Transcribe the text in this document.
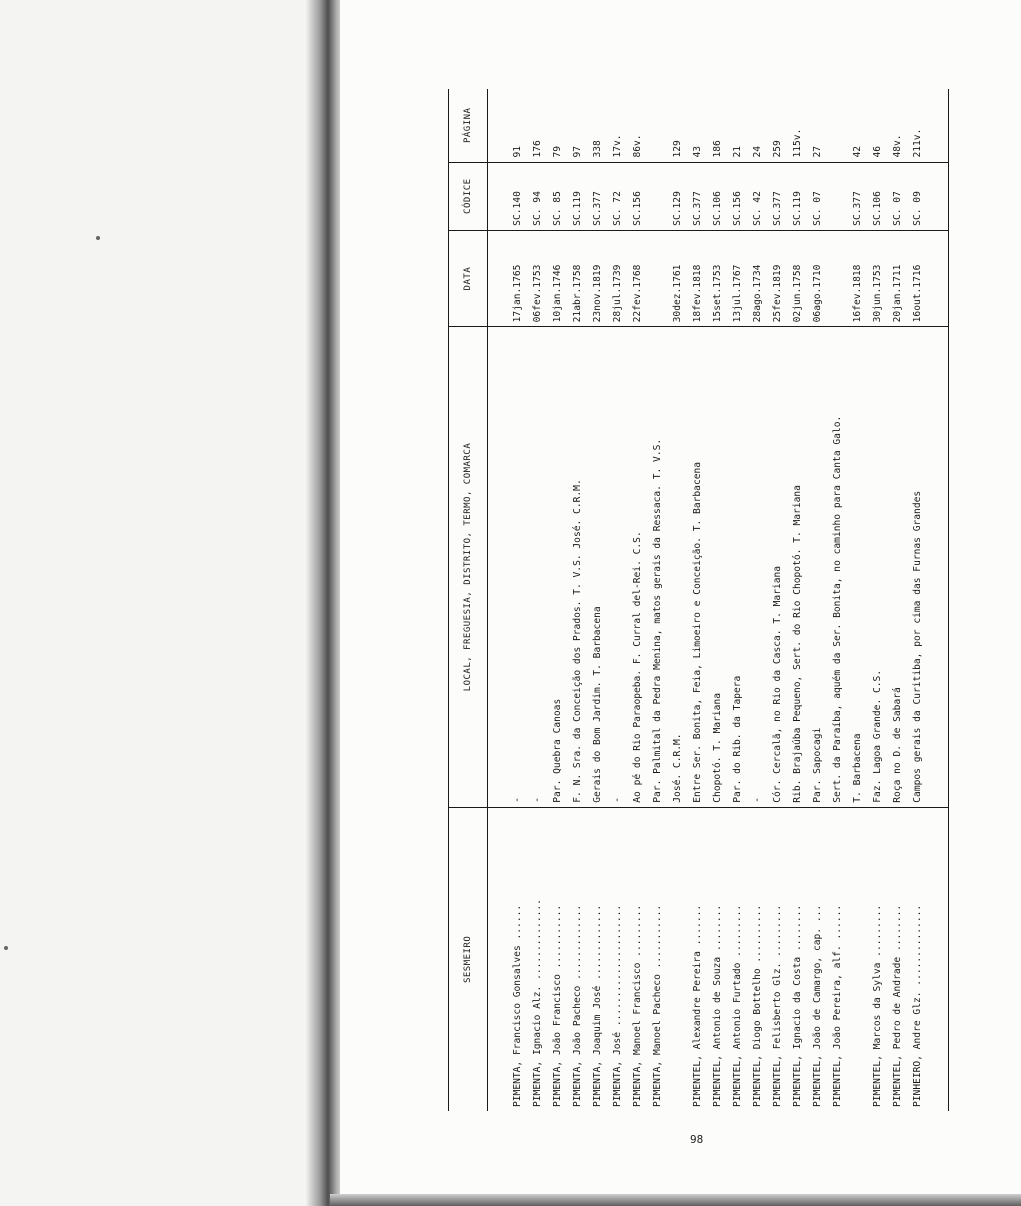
SESMEIRO	LOCAL, FREGUESIA, DISTRITO, TERMO, COMARCA	DATA	CÓDICE	PÁGINA

PIMENTA, Francisco Gonsalves ......	-	17jan.1765	SC.140	91
PIMENTA, Ignacio Alz. ..............	-	06fev.1753	SC. 94	176
PIMENTA, João Francisco ...........	Par. Quebra Canoas	10jan.1746	SC. 85	79
PIMENTA, João Pacheco .............	F. N. Sra. da Conceição dos Prados. T. V.S. José. C.R.M.	21abr.1758	SC.119	97
PIMENTA, Joaquim José .............	Gerais do Bom Jardim. T. Barbacena	23nov.1819	SC.377	338
PIMENTA, José .....................	-	28jul.1739	SC. 72	17v.
PIMENTA, Manoel Francisco .........	Ao pé do Rio Paraopeba. F. Curral del-Rei. C.S.	22fev.1768	SC.156	86v.
PIMENTA, Manoel Pacheco ...........	Par. Palmital da Pedra Menina, matos gerais da Ressaca. T. V.S.			
	José. C.R.M.	30dez.1761	SC.129	129
PIMENTEL, Alexandre Pereira .......	Entre Ser. Bonita, Feia, Limoeiro e Conceição. T. Barbacena	18fev.1818	SC.377	43
PIMENTEL, Antonio de Souza ........	Chopotó. T. Mariana	15set.1753	SC.106	186
PIMENTEL, Antonio Furtado .........	Par. do Rib. da Tapera	13jul.1767	SC.156	21
PIMENTEL, Diogo Bottelho ..........	-	28ago.1734	SC. 42	24
PIMENTEL, Felisberto Glz. .........	Cór. Cercalã, no Rio da Casca. T. Mariana	25fev.1819	SC.377	259
PIMENTEL, Ignacio da Costa ........	Rib. Brajaúba Pequeno, Sert. do Rio Chopotó. T. Mariana	02jun.1758	SC.119	115v.
PIMENTEL, João de Camargo, cap. ...	Par. Sapocagi	06ago.1710	SC. 07	27
PIMENTEL, João Pereira, alf. ......	Sert. da Paraíba, aquém da Ser. Bonita, no caminho para Canta Galo.			
	T. Barbacena	16fev.1818	SC.377	42
PIMENTEL, Marcos da Sylva .........	Faz. Lagoa Grande. C.S.	30jun.1753	SC.106	46
PIMENTEL, Pedro de Andrade ........	Roça no D. de Sabará	20jan.1711	SC. 07	48v.
PINHEIRO, Andre Glz. ..............	Campos gerais da Curitiba, por cima das Furnas Grandes	16out.1716	SC. 09	211v.

98
